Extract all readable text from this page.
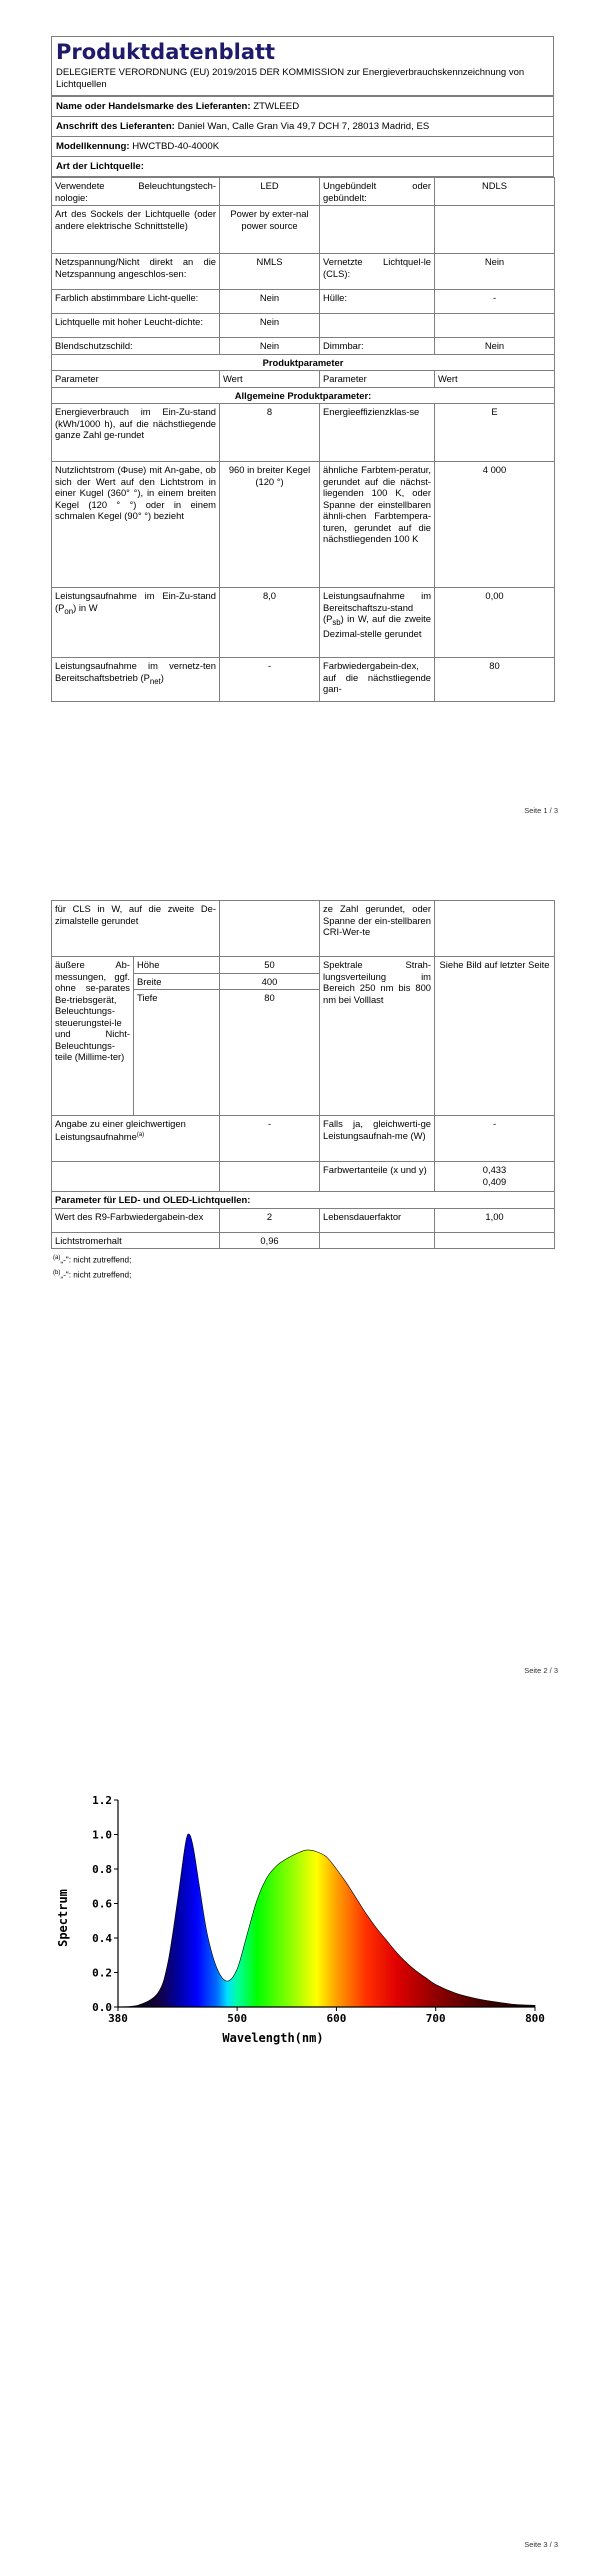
Produktdatenblatt
DELEGIERTE VERORDNUNG (EU) 2019/2015 DER KOMMISSION zur Energieverbrauchskennzeichnung von Lichtquellen
Name oder Handelsmarke des Lieferanten: ZTWLEED
Anschrift des Lieferanten: Daniel Wan, Calle Gran Via 49,7 DCH 7, 28013 Madrid, ES
Modellkennung: HWCTBD-40-4000K
Art der Lichtquelle:
Verwendete Beleuchtungstech-nologie:	LED	Ungebündelt oder gebündelt:	NDLS
Art des Sockels der Lichtquelle (oder andere elektrische Schnittstelle)	Power by exter-nal power source		
Netzspannung/Nicht direkt an die Netzspannung angeschlos-sen:	NMLS	Vernetzte Lichtquel-le (CLS):	Nein
Farblich abstimmbare Licht-quelle:	Nein	Hülle:	-
Lichtquelle mit hoher Leucht-dichte:	Nein		
Blendschutzschild:	Nein	Dimmbar:	Nein
Produktparameter			
Parameter	Wert	Parameter	Wert
Allgemeine Produktparameter:			
Energieverbrauch im Ein-Zu-stand (kWh/1000 h), auf die nächstliegende ganze Zahl ge-rundet	8	Energieeffizienzklas-se	E
Nutzlichtstrom (Φuse) mit An-gabe, ob sich der Wert auf den Lichtstrom in einer Kugel (360° °), in einem breiten Kegel (120 ° °) oder in einem schmalen Kegel (90° °) bezieht	960 in breiter Kegel (120 °)	ähnliche Farbtem-peratur, gerundet auf die nächst-liegenden 100 K, oder Spanne der einstellbaren ähnli-chen Farbtempera-turen, gerundet auf die nächstliegenden 100 K	4 000
Leistungsaufnahme im Ein-Zu-stand $(P_{on})$ in W	8,0	Leistungsaufnahme im Bereitschaftszu-stand $(P_{sb})$ in W, auf die zweite Dezimal-stelle gerundet	0,00
Leistungsaufnahme im vernetz-ten Bereitschaftsbetrieb $(P_{net})$	-	Farbwiedergabein-dex, auf die nächstliegende gan-	80
Seite 1 / 3
für CLS in W, auf die zweite De-zimalstelle gerundet			ze Zahl gerundet, oder Spanne der ein-stellbaren CRI-Wer-te	
äußere Ab-messungen, ggf. ohne se-parates Be-triebsgerät, Beleuchtungs-steuerungstei-le und Nicht-Beleuchtungs-teile (Millime-ter)	Höhe	50	Spektrale Strah-lungsverteilung im Bereich 250 nm bis 800 nm bei Volllast	Siehe Bild auf letzter Seite
	Breite	400		
	Tiefe	80		
Angabe zu einer gleichwertigen Leistungsaufnahme$^{(a)}$		-	Falls ja, gleichwerti-ge Leistungsaufnah-me (W)	-
			Farbwertanteile (x und y)	0,433
0,409

Parameter für LED- und OLED-Lichtquellen:				
Wert des R9-Farbwiedergabein-dex		2	Lebensdauerfaktor	1,00
Lichtstromerhalt		0,96		
$^{(a)}$„-": nicht zutreffend;
$^{(b)}$„-": nicht zutreffend;
Seite 2 / 3
380	500	600	700	800
0.0
0.2
0.4
0.6
0.8
1.0
1.2
Spectrum
Wavelength(nm)
Seite 3 / 3
